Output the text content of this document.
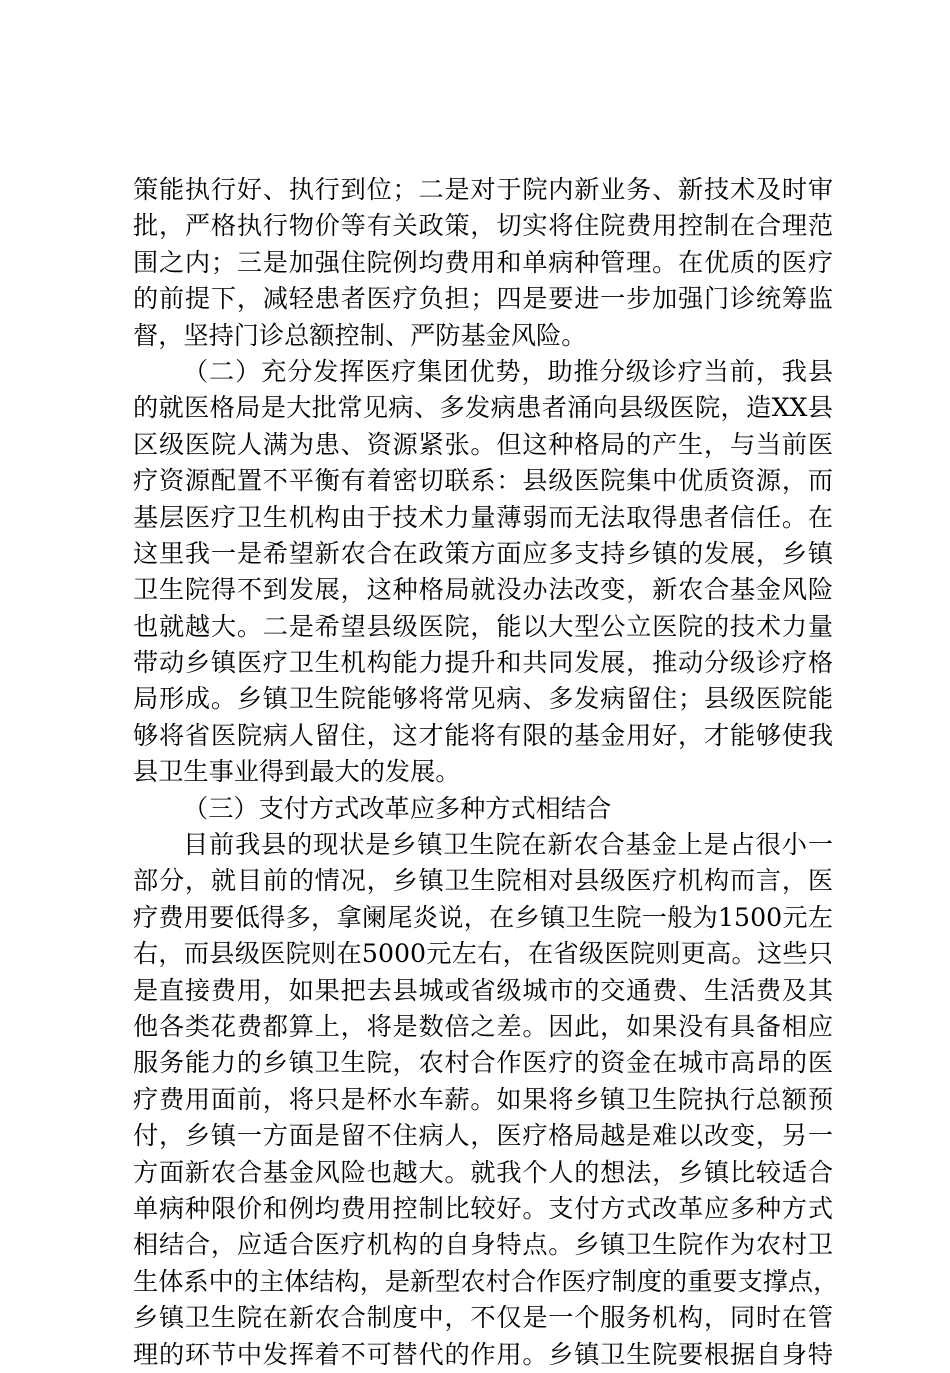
策能执行好、执行到位；二是对于院内新业务、新技术及时审
批，严格执行物价等有关政策，切实将住院费用控制在合理范
围之内；三是加强住院例均费用和单病种管理。在优质的医疗
的前提下，减轻患者医疗负担；四是要进一步加强门诊统筹监
督，坚持门诊总额控制、严防基金风险。
（二）充分发挥医疗集团优势，助推分级诊疗当前，我县
的就医格局是大批常见病、多发病患者涌向县级医院，造XX县
区级医院人满为患、资源紧张。但这种格局的产生，与当前医
疗资源配置不平衡有着密切联系：县级医院集中优质资源，而
基层医疗卫生机构由于技术力量薄弱而无法取得患者信任。在
这里我一是希望新农合在政策方面应多支持乡镇的发展，乡镇
卫生院得不到发展，这种格局就没办法改变，新农合基金风险
也就越大。二是希望县级医院，能以大型公立医院的技术力量
带动乡镇医疗卫生机构能力提升和共同发展，推动分级诊疗格
局形成。乡镇卫生院能够将常见病、多发病留住；县级医院能
够将省医院病人留住，这才能将有限的基金用好，才能够使我
县卫生事业得到最大的发展。
（三）支付方式改革应多种方式相结合
目前我县的现状是乡镇卫生院在新农合基金上是占很小一
部分，就目前的情况，乡镇卫生院相对县级医疗机构而言，医
疗费用要低得多，拿阑尾炎说，在乡镇卫生院一般为1500元左
右，而县级医院则在5000元左右，在省级医院则更高。这些只
是直接费用，如果把去县城或省级城市的交通费、生活费及其
他各类花费都算上，将是数倍之差。因此，如果没有具备相应
服务能力的乡镇卫生院，农村合作医疗的资金在城市高昂的医
疗费用面前，将只是杯水车薪。如果将乡镇卫生院执行总额预
付，乡镇一方面是留不住病人，医疗格局越是难以改变，另一
方面新农合基金风险也越大。就我个人的想法，乡镇比较适合
单病种限价和例均费用控制比较好。支付方式改革应多种方式
相结合，应适合医疗机构的自身特点。乡镇卫生院作为农村卫
生体系中的主体结构，是新型农村合作医疗制度的重要支撑点，
乡镇卫生院在新农合制度中，不仅是一个服务机构，同时在管
理的环节中发挥着不可替代的作用。乡镇卫生院要根据自身特
